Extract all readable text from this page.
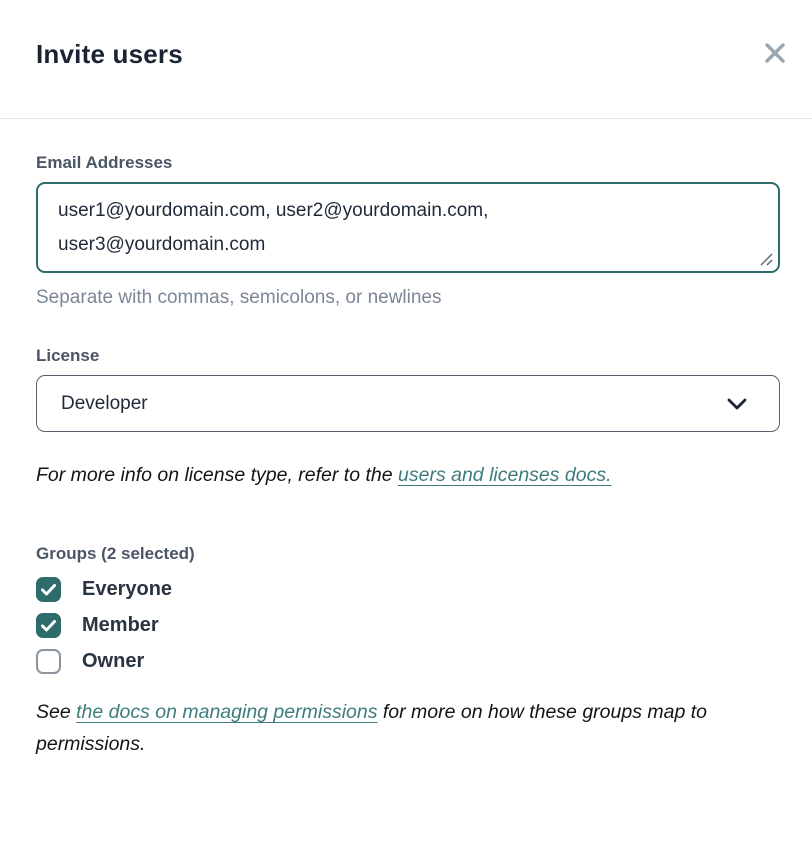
Invite users
Email Addresses
user1@yourdomain.com, user2@yourdomain.com, user3@yourdomain.com
Separate with commas, semicolons, or newlines
License
Developer

For more info on license type, refer to the users and licenses docs.

Groups (2 selected)
Everyone
Member
Owner

See the docs on managing permissions for more on how these groups map to permissions.
